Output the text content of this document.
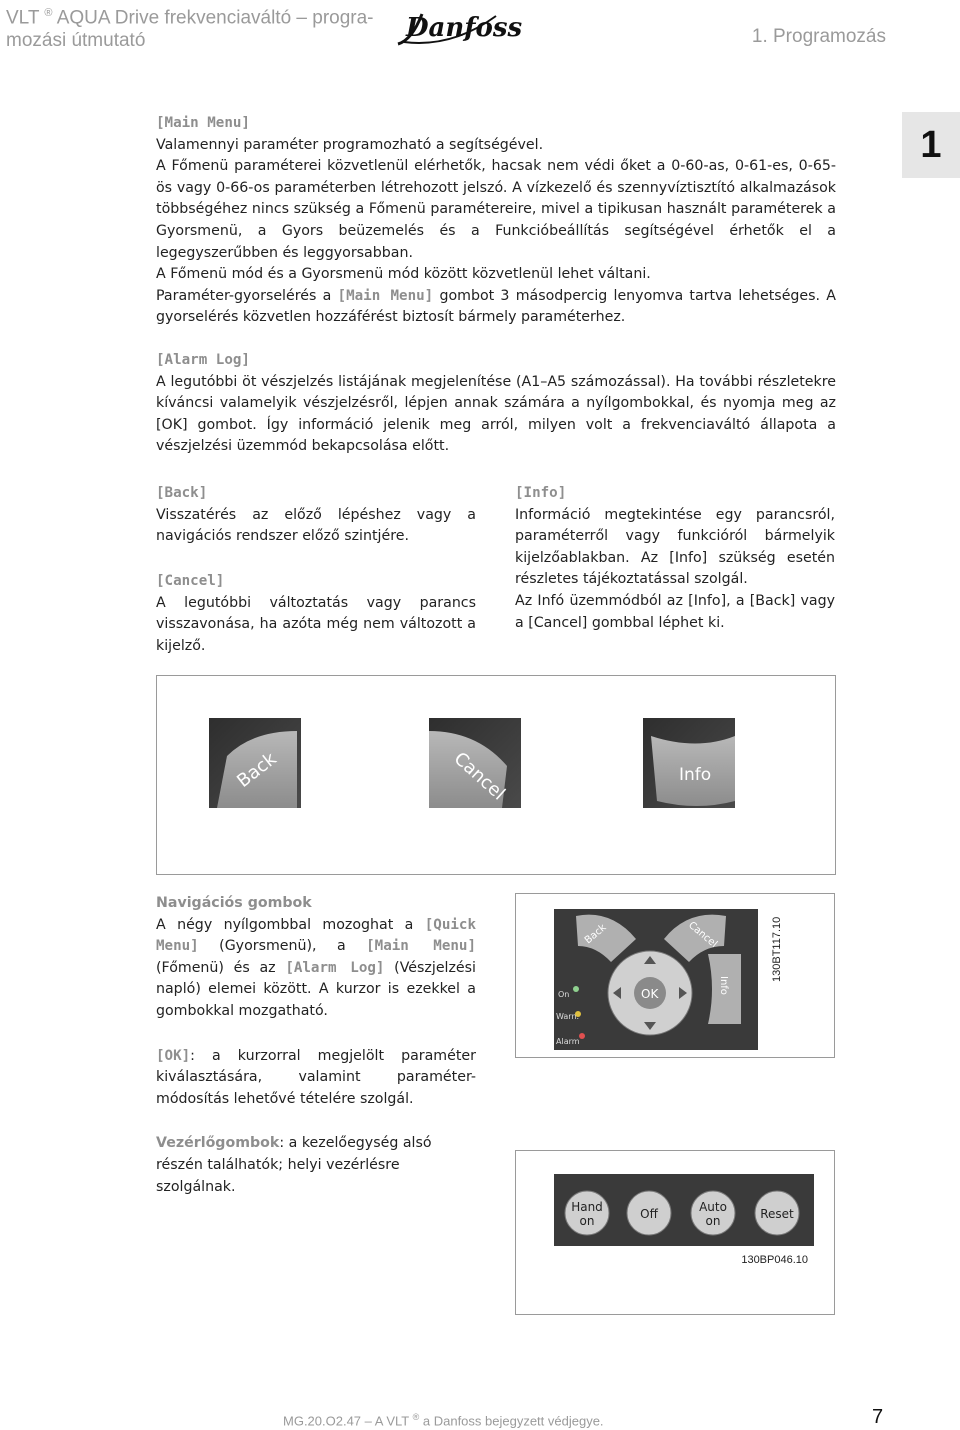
VLT ® AQUA Drive frekvenciaváltó – progra-
mozási útmutató	Danfoss	1. Programozás
1
[Main Menu]
Valamennyi paraméter programozható a segítségével.
A Főmenü paraméterei közvetlenül elérhetők, hacsak nem védi őket a 0-60-as, 0-61-es, 0-65-ös vagy 0-66-os paraméterben létrehozott jelszó. A vízkezelő és szennyvíztisztító alkalmazások többségéhez nincs szükség a Főmenü paramétereire, mivel a tipikusan használt paraméterek a Gyorsmenü, a Gyors beüzemelés és a Funkcióbeállítás segítségével érhetők el a legegyszerűbben és leggyorsabban.
A Főmenü mód és a Gyorsmenü mód között közvetlenül lehet váltani.
Paraméter-gyorselérés a [Main Menu] gombot 3 másodpercig lenyomva tartva lehetséges. A gyorselérés közvetlen hozzáférést biztosít bármely paraméterhez.
[Alarm Log]
A legutóbbi öt vészjelzés listájának megjelenítése (A1–A5 számozással). Ha további részletekre kíváncsi valamelyik vészjelzésről, lépjen annak számára a nyílgombokkal, és nyomja meg az [OK] gombot. Így információ jelenik meg arról, milyen volt a frekvenciaváltó állapota a vészjelzési üzemmód bekapcsolása előtt.
[Back]
Visszatérés az előző lépéshez vagy a navigációs rendszer előző szintjére.
[Cancel]
A legutóbbi változtatás vagy parancs visszavonása, ha azóta még nem változott a kijelző.
[Info]
Információ megtekintése egy parancsról, paraméterről vagy funkcióról bármelyik kijelzőablakban. Az [Info] szükség esetén részletes tájékoztatással szolgál.
Az Infó üzemmódból az [Info], a [Back] vagy a [Cancel] gombbal léphet ki.
Back	Cancel	Info
Navigációs gombok
A négy nyílgombbal mozoghat a [Quick Menu] (Gyorsmenü), a [Main Menu] (Főmenü) és az [Alarm Log] (Vészjelzési napló) elemei között. A kurzor is ezekkel a gombokkal mozgatható.
[OK]: a kurzorral megjelölt paraméter kiválasztására, valamint paraméter-módosítás lehetővé tételére szolgál.
Vezérlőgombok: a kezelőegység alsó részén találhatók; helyi vezérlésre szolgálnak.
OK
Back	Cancel
Info
On
Warn.
Alarm
130BT117.10
Hand
on	Off	Auto
on	Reset
130BP046.10
MG.20.O2.47 – A VLT ® a Danfoss bejegyzett védjegye.	7
